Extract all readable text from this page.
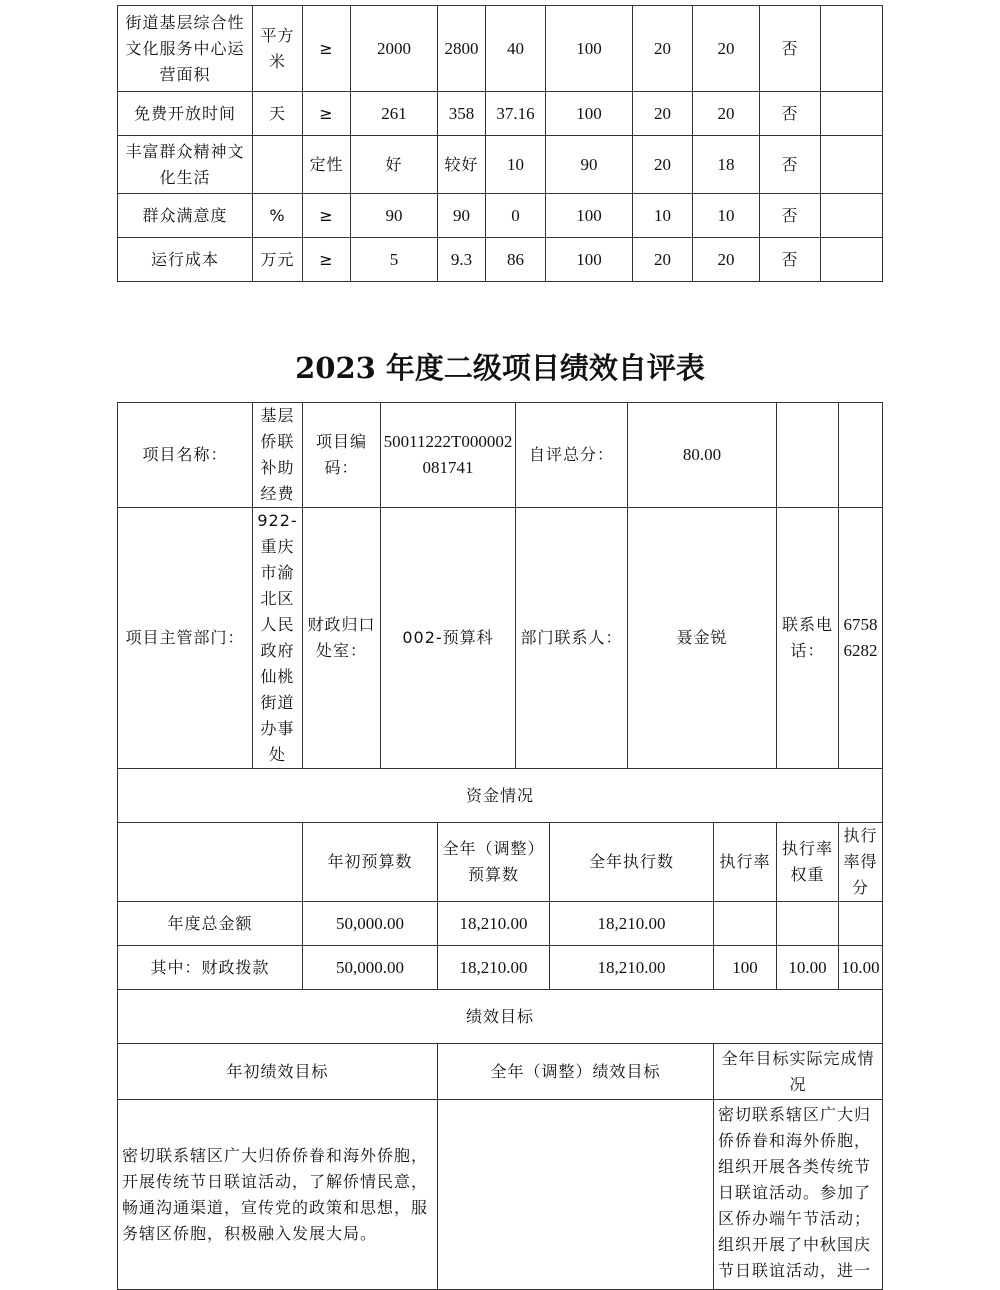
街道基层综合性文化服务中心运营面积	平方米	≥	2000	2800	40	100	20	20	否	
免费开放时间	天	≥	261	358	37.16	100	20	20	否	
丰富群众精神文化生活		定性	好	较好	10	90	20	18	否	
群众满意度	%	≥	90	90	0	100	10	10	否	
运行成本	万元	≥	5	9.3	86	100	20	20	否	
2023 年度二级项目绩效自评表
项目名称：	基层侨联补助经费	项目编码：	50011222T000002081741		自评总分：		80.00			
项目主管部门：	922-重庆市渝北区人民政府仙桃街道办事处	财政归口处室：	002-预算科		部门联系人：		聂金锐		联系电话：	67586282
资金情况										
		年初预算数		全年（调整）预算数		全年执行数		执行率	执行率权重	执行率得分
年度总金额		50,000.00		18,210.00		18,210.00				
其中：财政拨款		50,000.00		18,210.00		18,210.00		100	10.00	10.00
绩效目标										
年初绩效目标				全年（调整）绩效目标				全年目标实际完成情况		
密切联系辖区广大归侨侨眷和海外侨胞，开展传统节日联谊活动，了解侨情民意，畅通沟通渠道，宣传党的政策和思想，服务辖区侨胞，积极融入发展大局。								密切联系辖区广大归侨侨眷和海外侨胞，组织开展各类传统节日联谊活动。参加了区侨办端午节活动；组织开展了中秋国庆节日联谊活动，进一		
